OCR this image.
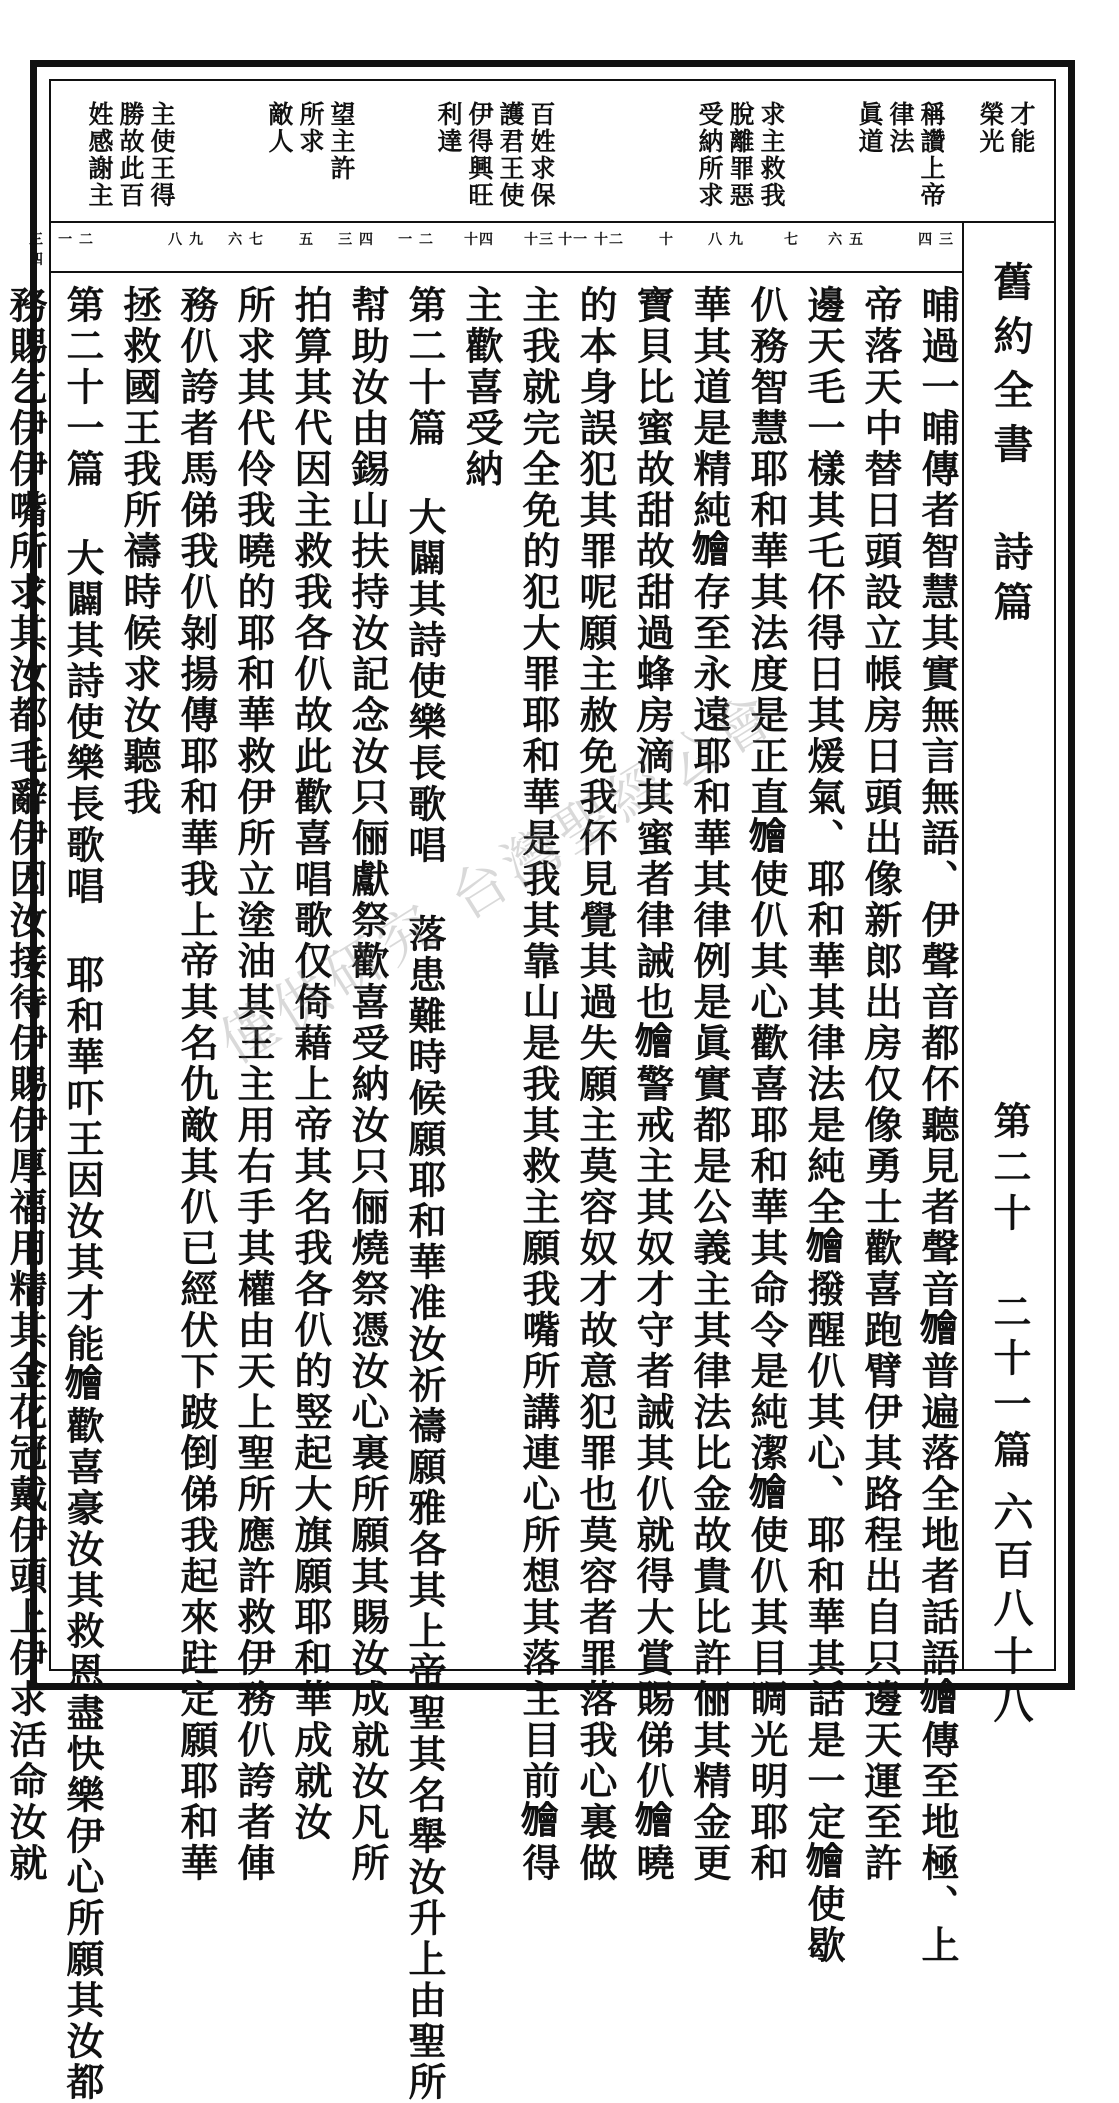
才能
榮光
稱讚上帝
律法
眞道
求主救我
脫離罪惡
受納所求
百姓求保
護君王使
伊得興旺
利達
望主許
所求
敵人
主使王得
勝故此百
姓感謝主
舊約全書
詩篇
第二十 二十一篇
六百八十八
四 三
六 五
七
八 九
十
十一 十二
十三
十四
一 二
三 四
五
六 七
八 九
一 二
三 四
晡過一晡傳者智慧其實無言無語、伊聲音都伓聽見者聲音𣍐普遍落全地者話語𣍐傳至地極、上
帝落天中替日頭設立帳房日頭出像新郎出房仅像勇士歡喜跑臂伊其路程出自只邊天運至許
邊天毛一樣其乇伓得日其煖氣、耶和華其律法是純全𣍐撥醒仈其心、耶和華其話是一定𣍐使歇
仈務智慧耶和華其法度是正直𣍐使仈其心歡喜耶和華其命令是純潔𣍐使仈其目睭光明耶和
華其道是精純𣍐存至永遠耶和華其律例是眞實都是公義主其律法比金故貴比許俪其精金更
寶貝比蜜故甜故甜過蜂房滴其蜜者律誡也𣍐警戒主其奴才守者誡其仈就得大賞賜俤仈𣍐曉
的本身誤犯其罪呢願主赦免我伓見覺其過失願主莫容奴才故意犯罪也莫容者罪落我心裏做
主我就完全免的犯大罪耶和華是我其靠山是我其救主願我嘴所講連心所想其落主目前𣍐得
主歡喜受納
第二十篇 大闢其詩使樂長歌唱 落患難時候願耶和華准汝祈禱願雅各其上帝聖其名舉汝升上由聖所
幇助汝由錫山扶持汝記念汝只俪獻祭歡喜受納汝只俪燒祭憑汝心裏所願其賜汝成就汝凡所
拍算其代因主救我各仈故此歡喜唱歌仅倚藉上帝其名我各仈的竪起大旗願耶和華成就汝
所求其代伶我曉的耶和華救伊所立塗油其王主用右手其權由天上聖所應許救伊務仈誇者俥
務仈誇者馬俤我仈剝揚傳耶和華我上帝其名仇敵其仈已經伏下跛倒俤我起來跓定願耶和華
拯救國王我所禱時候求汝聽我
第二十一篇 大闢其詩使樂長歌唱 耶和華吓王因汝其才能𣍐歡喜豪汝其救恩盡快樂伊心所願其汝都
務賜乞伊伊嘴所求其汝都毛辭伊因汝接待伊賜伊厚福用精其金花冠戴伊頭上伊求活命汝就	僅供研究 台灣聖經公會
